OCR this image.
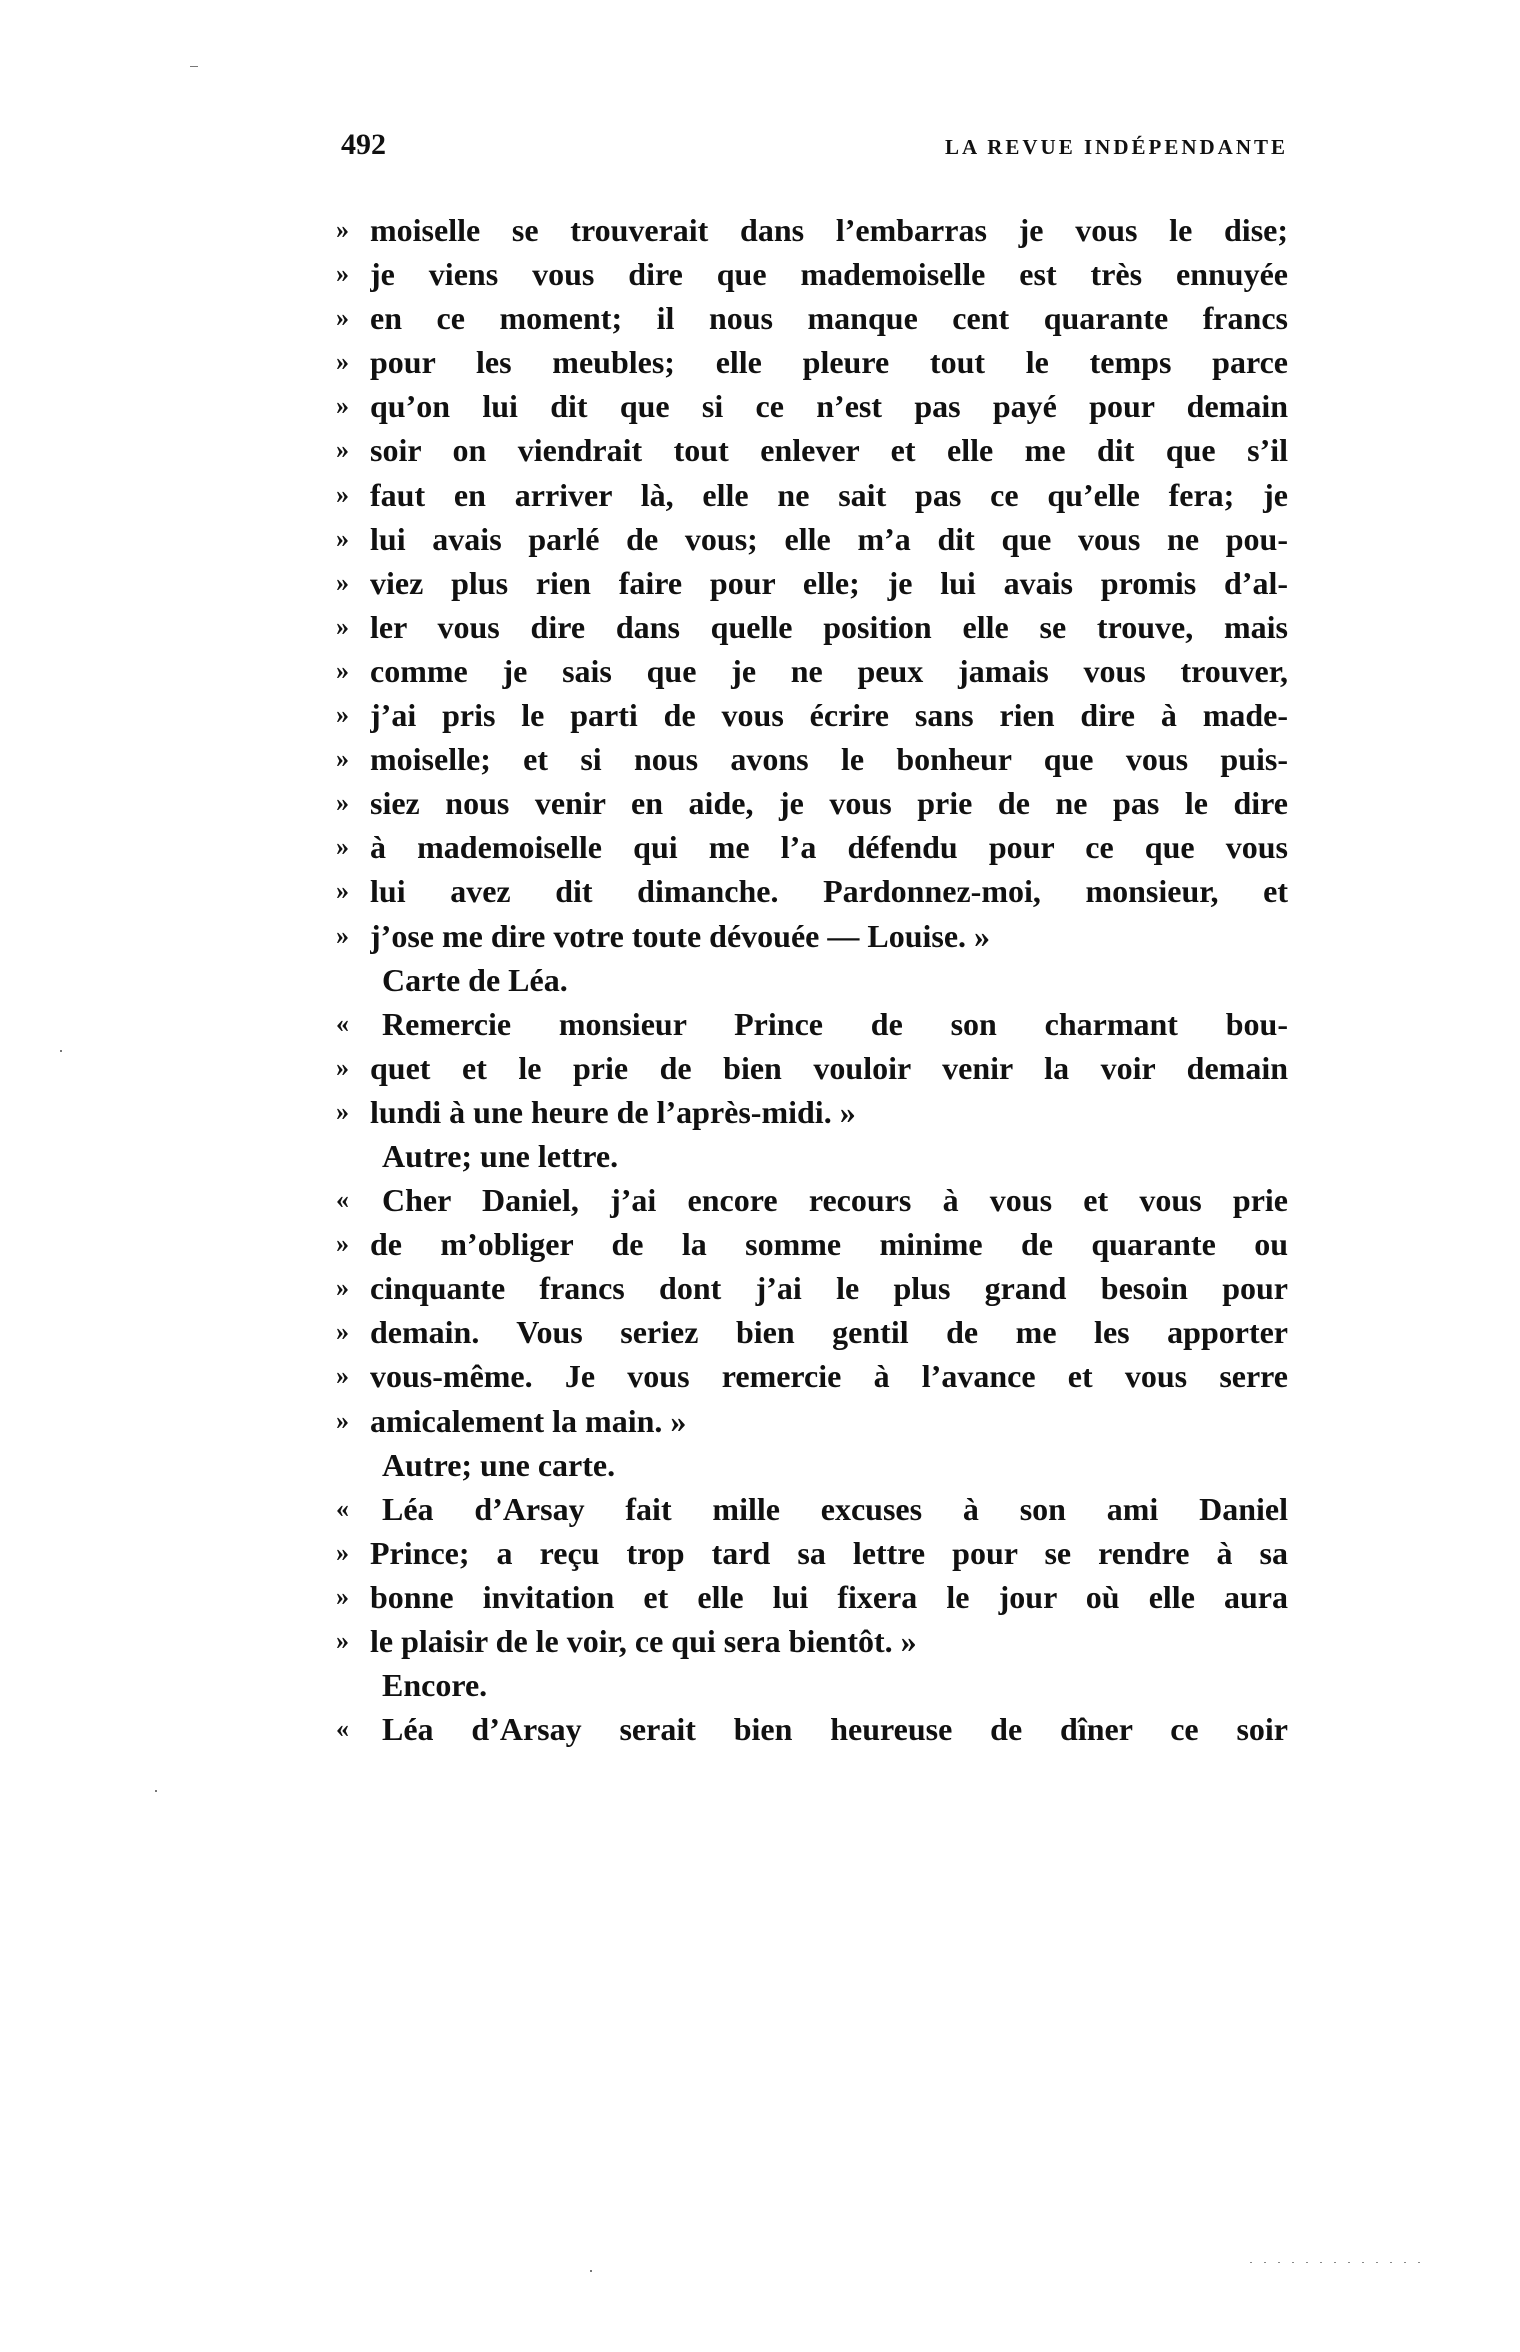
492	LA REVUE INDÉPENDANTE
» moiselle se trouverait dans l’embarras je vous le dise;
» je viens vous dire que mademoiselle est très ennuyée
» en ce moment; il nous manque cent quarante francs
» pour les meubles; elle pleure tout le temps parce
» qu’on lui dit que si ce n’est pas payé pour demain
» soir on viendrait tout enlever et elle me dit que s’il
» faut en arriver là, elle ne sait pas ce qu’elle fera; je
» lui avais parlé de vous; elle m’a dit que vous ne pou-
» viez plus rien faire pour elle; je lui avais promis d’al-
» ler vous dire dans quelle position elle se trouve, mais
» comme je sais que je ne peux jamais vous trouver,
» j’ai pris le parti de vous écrire sans rien dire à made-
» moiselle; et si nous avons le bonheur que vous puis-
» siez nous venir en aide, je vous prie de ne pas le dire
» à mademoiselle qui me l’a défendu pour ce que vous
» lui avez dit dimanche. Pardonnez-moi, monsieur, et
» j’ose me dire votre toute dévouée — Louise. »
Carte de Léa.
«	Remercie monsieur Prince de son charmant bou-
» quet et le prie de bien vouloir venir la voir demain
» lundi à une heure de l’après-midi. »
Autre; une lettre.
«	Cher Daniel, j’ai encore recours à vous et vous prie
» de m’obliger de la somme minime de quarante ou
» cinquante francs dont j’ai le plus grand besoin pour
» demain. Vous seriez bien gentil de me les apporter
» vous-même. Je vous remercie à l’avance et vous serre
» amicalement la main. »
Autre; une carte.
«	Léa d’Arsay fait mille excuses à son ami Daniel
» Prince; a reçu trop tard sa lettre pour se rendre à sa
» bonne invitation et elle lui fixera le jour où elle aura
» le plaisir de le voir, ce qui sera bientôt. »
Encore.
«	Léa d’Arsay serait bien heureuse de dîner ce soir
